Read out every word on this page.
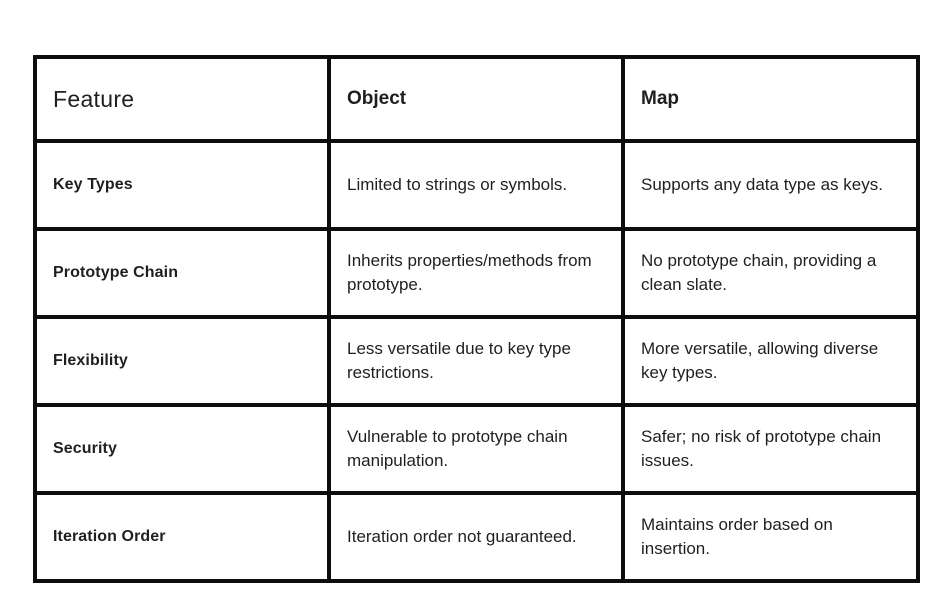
Feature	Object	Map
Key Types	Limited to strings or symbols.	Supports any data type as keys.
Prototype Chain	Inherits properties/methods from prototype.	No prototype chain, providing a clean slate.
Flexibility	Less versatile due to key type restrictions.	More versatile, allowing diverse key types.
Security	Vulnerable to prototype chain manipulation.	Safer; no risk of prototype chain issues.
Iteration Order	Iteration order not guaranteed.	Maintains order based on insertion.
